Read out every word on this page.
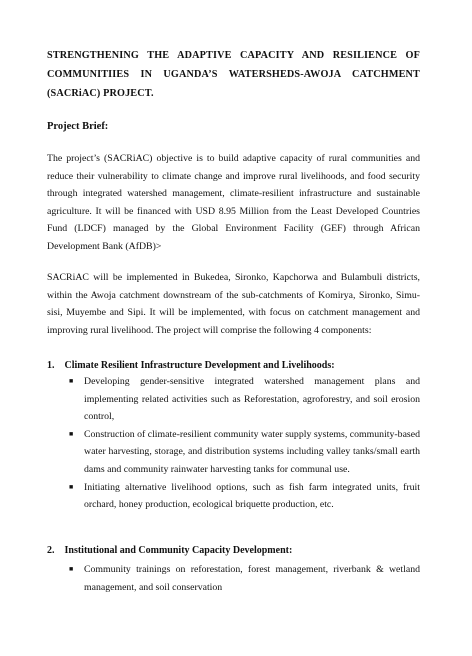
STRENGTHENING THE ADAPTIVE CAPACITY AND RESILIENCE OF COMMUNITIIES IN UGANDA’S WATERSHEDS-AWOJA CATCHMENT (SACRiAC) PROJECT.
Project Brief:

The project’s (SACRiAC) objective is to build adaptive capacity of rural communities and reduce their vulnerability to climate change and improve rural livelihoods, and food security through integrated watershed management, climate-resilient infrastructure and sustainable agriculture. It will be financed with USD 8.95 Million from the Least Developed Countries Fund (LDCF) managed by the Global Environment Facility (GEF) through African Development Bank (AfDB)>

SACRiAC will be implemented in Bukedea, Sironko, Kapchorwa and Bulambuli districts, within the Awoja catchment downstream of the sub-catchments of Komirya, Sironko, Simu-sisi, Muyembe and Sipi. It will be implemented, with focus on catchment management and improving rural livelihood. The project will comprise the following 4 components:

1. Climate Resilient Infrastructure Development and Livelihoods:
■ Developing gender-sensitive integrated watershed management plans and implementing related activities such as Reforestation, agroforestry, and soil erosion control,
■ Construction of climate-resilient community water supply systems, community-based water harvesting, storage, and distribution systems including valley tanks/small earth dams and community rainwater harvesting tanks for communal use.
■ Initiating alternative livelihood options, such as fish farm integrated units, fruit orchard, honey production, ecological briquette production, etc.
2. Institutional and Community Capacity Development:
■ Community trainings on reforestation, forest management, riverbank & wetland management, and soil conservation
